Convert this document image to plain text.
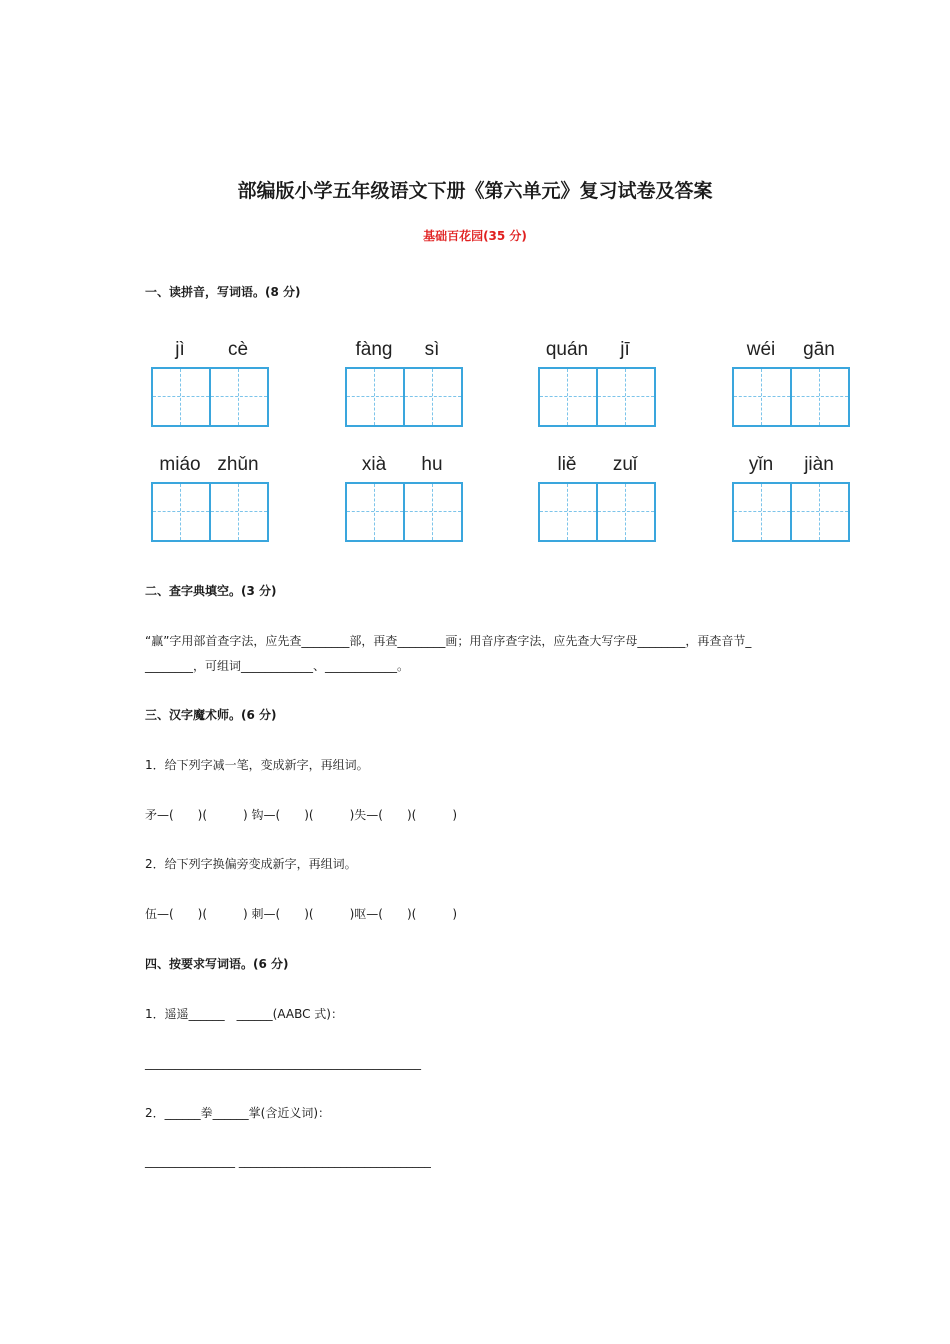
部编版小学五年级语文下册《第六单元》复习试卷及答案
基础百花园(35 分)
一、读拼音，写词语。(8 分)
jì	cè	fàng	sì	quán	jī	wéi	gān
miáo zhǔn	xià	hu	liě	zuǐ	yǐn	jiàn
二、查字典填空。(3 分)
“赢”字用部首查字法，应先查________部，再查________画；用音序查字法，应先查大写字母________，再查音节_
________，可组词____________、____________。
三、汉字魔术师。(6 分)
1．给下列字减一笔，变成新字，再组词。
矛—(　　)(　　　) 钩—(　　)(　　　)失—(　　)(　　　)
2．给下列字换偏旁变成新字，再组词。
伍—(　　)(　　　) 刺—(　　)(　　　)呕—(　　)(　　　)
四、按要求写词语。(6 分)
1．遥遥______　______(AABC 式)：
______________________________________________
2．______拳______掌(含近义词)：
_______________ ________________________________
